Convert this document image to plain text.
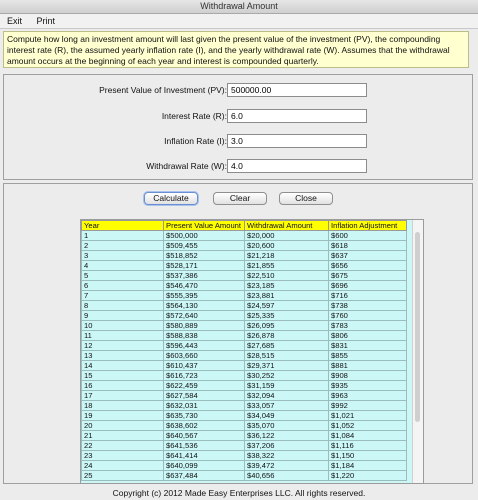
Withdrawal Amount
Exit Print
Compute how long an investment amount will last given the present value of the investment (PV), the compounding interest rate (R), the assumed yearly inflation rate (I), and the yearly withdrawal rate (W). Assumes that the withdrawal amount occurs at the beginning of each year and interest is compounded quarterly.
Present Value of Investment (PV):
500000.00
Interest Rate (R):
6.0
Inflation Rate (I):
3.0
Withdrawal Rate (W):
4.0
Calculate	Clear	Close
Year	Present Value Amount	Withdrawal Amount	Inflation Adjustment
1	$500,000	$20,000	$600
2	$509,455	$20,600	$618
3	$518,852	$21,218	$637
4	$528,171	$21,855	$656
5	$537,386	$22,510	$675
6	$546,470	$23,185	$696
7	$555,395	$23,881	$716
8	$564,130	$24,597	$738
9	$572,640	$25,335	$760
10	$580,889	$26,095	$783
11	$588,838	$26,878	$806
12	$596,443	$27,685	$831
13	$603,660	$28,515	$855
14	$610,437	$29,371	$881
15	$616,723	$30,252	$908
16	$622,459	$31,159	$935
17	$627,584	$32,094	$963
18	$632,031	$33,057	$992
19	$635,730	$34,049	$1,021
20	$638,602	$35,070	$1,052
21	$640,567	$36,122	$1,084
22	$641,536	$37,206	$1,116
23	$641,414	$38,322	$1,150
24	$640,099	$39,472	$1,184
25	$637,484	$40,656	$1,220
Copyright (c) 2012 Made Easy Enterprises LLC. All rights reserved.
